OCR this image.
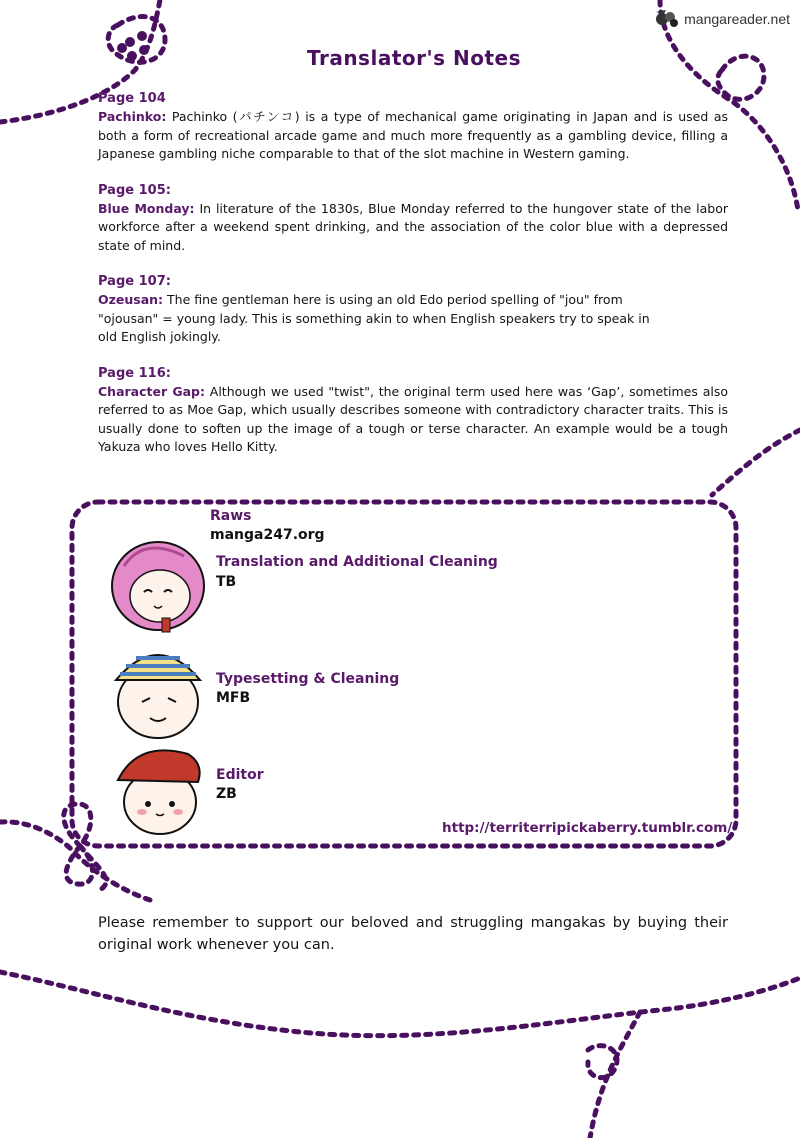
mangareader.net
Translator's Notes
Page 104
Pachinko: Pachinko (パチンコ) is a type of mechanical game originating in Japan and is used as both a form of recreational arcade game and much more frequently as a gambling device, filling a Japanese gambling niche comparable to that of the slot machine in Western gaming.
Page 105:
Blue Monday: In literature of the 1830s, Blue Monday referred to the hungover state of the labor workforce after a weekend spent drinking, and the association of the color blue with a depressed state of mind.
Page 107:
Ozeusan: The fine gentleman here is using an old Edo period spelling of "jou" from "ojousan" = young lady. This is something akin to when English speakers try to speak in old English jokingly.
Page 116:
Character Gap: Although we used "twist", the original term used here was ‘Gap’, sometimes also referred to as Moe Gap, which usually describes someone with contradictory character traits. This is usually done to soften up the image of a tough or terse character. An example would be a tough Yakuza who loves Hello Kitty.
Raws
manga247.org
Translation and Additional Cleaning
TB
Typesetting & Cleaning
MFB
Editor
ZB
http://territerripickaberry.tumblr.com/
Please remember to support our beloved and struggling mangakas by buying their original work whenever you can.
